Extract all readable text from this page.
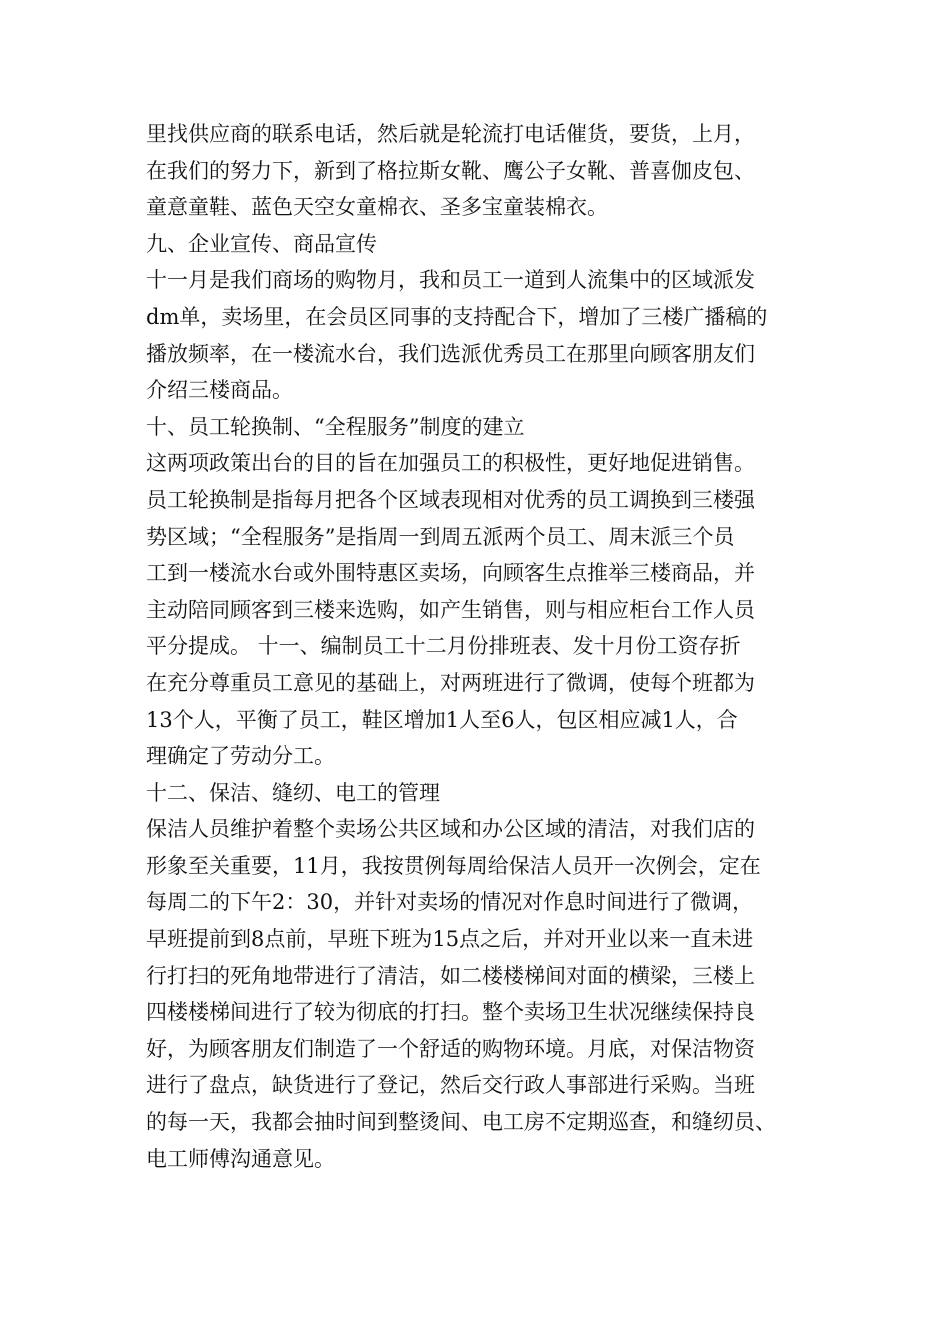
里找供应商的联系电话，然后就是轮流打电话催货，要货，上月，
在我们的努力下，新到了格拉斯女靴、鹰公子女靴、普喜伽皮包、
童意童鞋、蓝色天空女童棉衣、圣多宝童装棉衣。
九、企业宣传、商品宣传
十一月是我们商场的购物月，我和员工一道到人流集中的区域派发
dm单，卖场里，在会员区同事的支持配合下，增加了三楼广播稿的
播放频率，在一楼流水台，我们选派优秀员工在那里向顾客朋友们
介绍三楼商品。
十、员工轮换制、“全程服务”制度的建立
这两项政策出台的目的旨在加强员工的积极性，更好地促进销售。
员工轮换制是指每月把各个区域表现相对优秀的员工调换到三楼强
势区域；“全程服务”是指周一到周五派两个员工、周末派三个员
工到一楼流水台或外围特惠区卖场，向顾客生点推举三楼商品，并
主动陪同顾客到三楼来选购，如产生销售，则与相应柜台工作人员
平分提成。 十一、编制员工十二月份排班表、发十月份工资存折
在充分尊重员工意见的基础上，对两班进行了微调，使每个班都为
13个人，平衡了员工，鞋区增加1人至6人，包区相应减1人，合
理确定了劳动分工。
十二、保洁、缝纫、电工的管理
保洁人员维护着整个卖场公共区域和办公区域的清洁，对我们店的
形象至关重要，11月，我按贯例每周给保洁人员开一次例会，定在
每周二的下午2：30，并针对卖场的情况对作息时间进行了微调，
早班提前到8点前，早班下班为15点之后，并对开业以来一直未进
行打扫的死角地带进行了清洁，如二楼楼梯间对面的横梁，三楼上
四楼楼梯间进行了较为彻底的打扫。整个卖场卫生状况继续保持良
好，为顾客朋友们制造了一个舒适的购物环境。月底，对保洁物资
进行了盘点，缺货进行了登记，然后交行政人事部进行采购。当班
的每一天，我都会抽时间到整烫间、电工房不定期巡查，和缝纫员、
电工师傅沟通意见。
